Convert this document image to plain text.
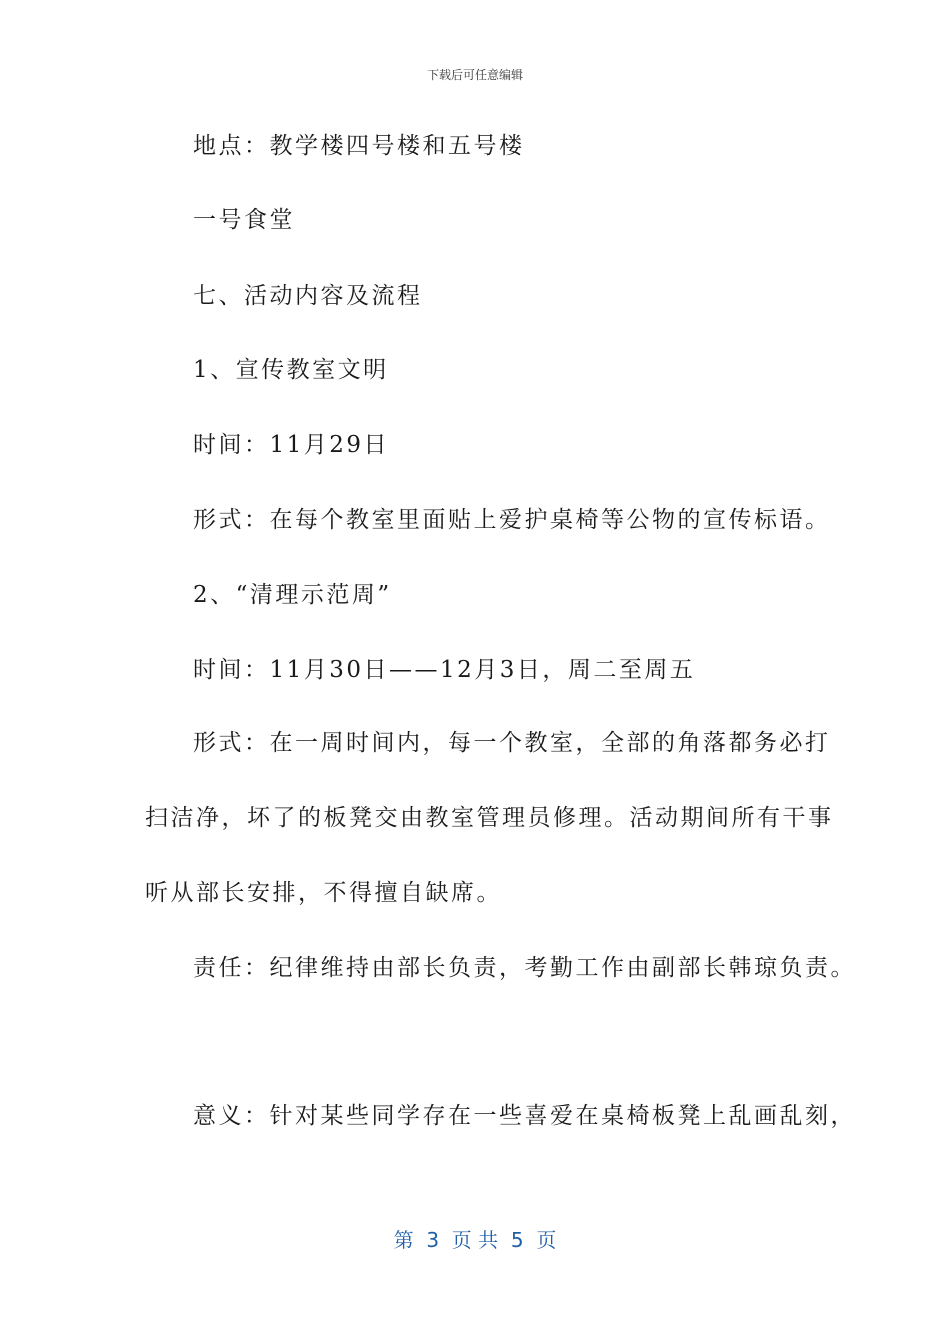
下载后可任意编辑
地点：教学楼四号楼和五号楼
一号食堂
七、活动内容及流程
1、宣传教室文明
时间：11月29日
形式：在每个教室里面贴上爱护桌椅等公物的宣传标语。
2、“清理示范周”
时间：11月30日——12月3日，周二至周五
形式：在一周时间内，每一个教室，全部的角落都务必打
扫洁净，坏了的板凳交由教室管理员修理。活动期间所有干事
听从部长安排，不得擅自缺席。
责任：纪律维持由部长负责，考勤工作由副部长韩琼负责。
意义：针对某些同学存在一些喜爱在桌椅板凳上乱画乱刻，
第  3  页 共  5  页
